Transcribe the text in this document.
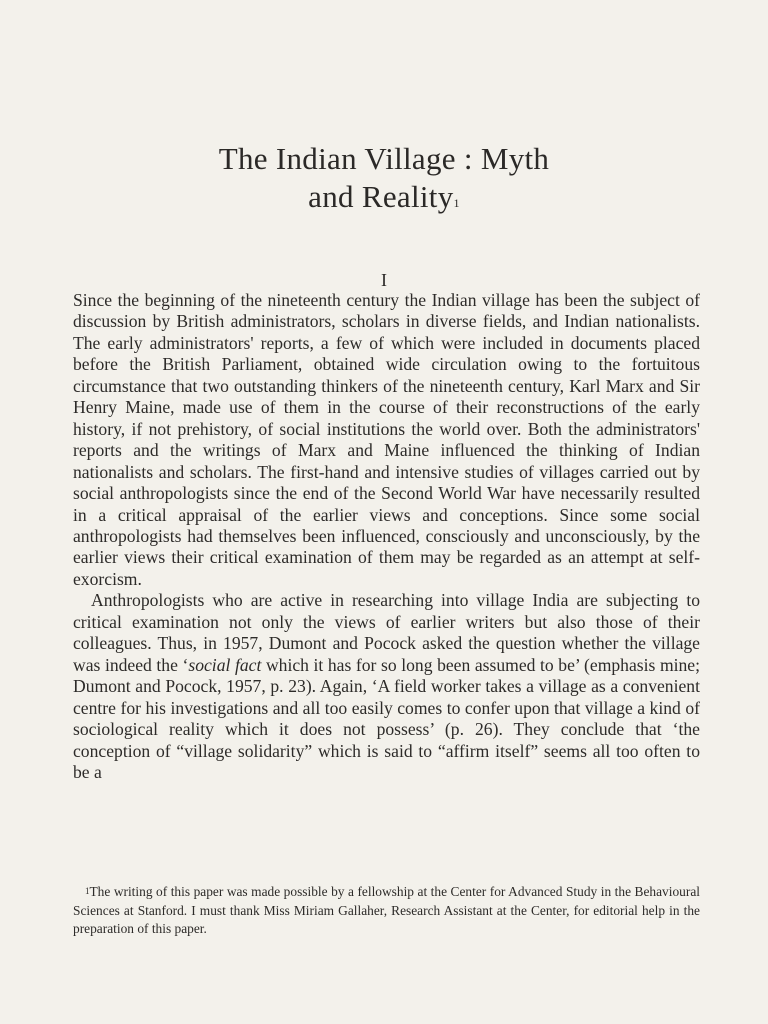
The Indian Village : Myth
and Reality$^1$
I

Since the beginning of the nineteenth century the Indian village has been the subject of discussion by British administrators, scholars in diverse fields, and Indian nationalists. The early administrators' reports, a few of which were included in documents placed before the British Parliament, obtained wide circulation owing to the fortuitous circumstance that two outstanding thinkers of the nineteenth century, Karl Marx and Sir Henry Maine, made use of them in the course of their reconstructions of the early history, if not prehistory, of social institutions the world over. Both the administrators' reports and the writings of Marx and Maine influenced the thinking of Indian nationalists and scholars. The first-hand and intensive studies of villages carried out by social anthropologists since the end of the Second World War have necessarily resulted in a critical appraisal of the earlier views and conceptions. Since some social anthropologists had themselves been influenced, consciously and unconsciously, by the earlier views their critical examination of them may be regarded as an attempt at self-exorcism.

Anthropologists who are active in researching into village India are subjecting to critical examination not only the views of earlier writers but also those of their colleagues. Thus, in 1957, Dumont and Pocock asked the question whether the village was indeed the ‘social fact which it has for so long been assumed to be’ (emphasis mine; Dumont and Pocock, 1957, p. 23). Again, ‘A field worker takes a village as a convenient centre for his investigations and all too easily comes to confer upon that village a kind of sociological reality which it does not possess’ (p. 26). They conclude that ‘the conception of “village solidarity” which is said to “affirm itself” seems all too often to be a

$^1$The writing of this paper was made possible by a fellowship at the Center for Advanced Study in the Behavioural Sciences at Stanford. I must thank Miss Miriam Gallaher, Research Assistant at the Center, for editorial help in the preparation of this paper.
